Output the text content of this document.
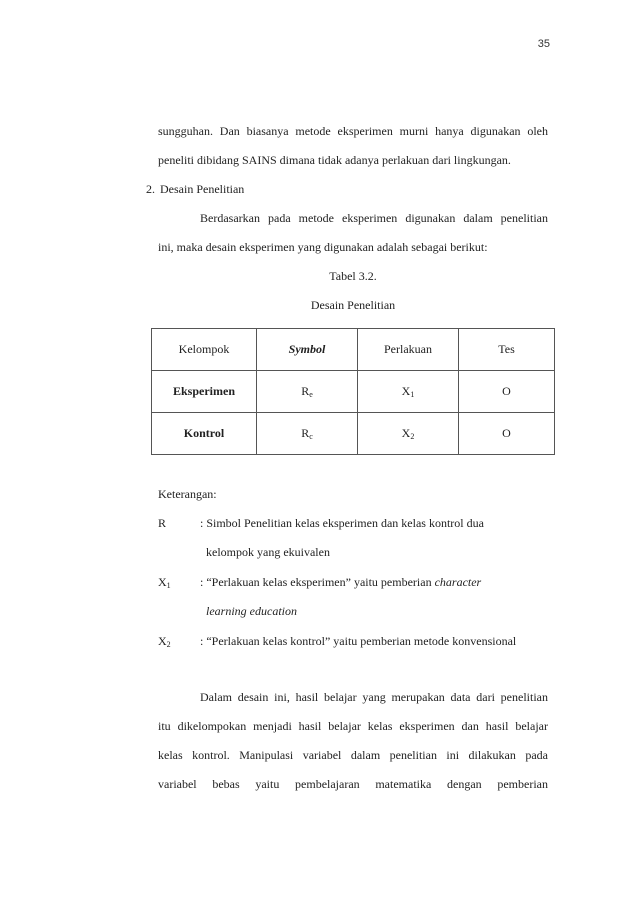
35
sungguhan. Dan biasanya metode eksperimen murni hanya digunakan oleh
peneliti dibidang SAINS dimana tidak adanya perlakuan dari lingkungan.
2. Desain Penelitian
Berdasarkan pada metode eksperimen digunakan dalam penelitian
ini, maka desain eksperimen yang digunakan adalah sebagai berikut:
Tabel 3.2.
Desain Penelitian
Kelompok	Symbol	Perlakuan	Tes
Eksperimen	$R_e$	$X_1$	O
Kontrol	$R_c$	$X_2$	O
Keterangan:
R	: Simbol Penelitian kelas eksperimen dan kelas kontrol dua
kelompok yang ekuivalen
$X_1$ : “Perlakuan kelas eksperimen” yaitu pemberian character
learning education
$X_2$ : “Perlakuan kelas kontrol” yaitu pemberian metode konvensional
Dalam desain ini, hasil belajar yang merupakan data dari penelitian
itu dikelompokan menjadi hasil belajar kelas eksperimen dan hasil belajar
kelas kontrol. Manipulasi variabel dalam penelitian ini dilakukan pada
variabel bebas yaitu pembelajaran matematika dengan pemberian
